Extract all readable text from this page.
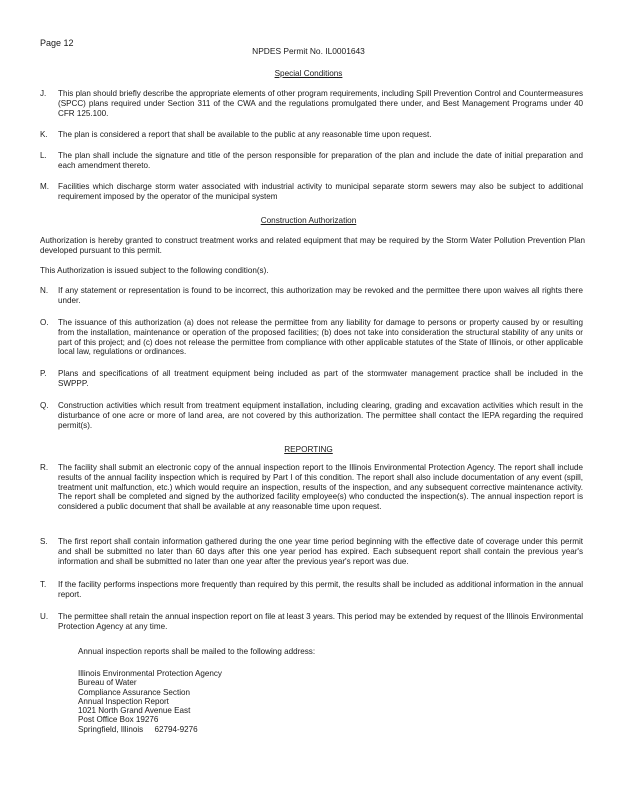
Page 12
NPDES Permit No. IL0001643
Special Conditions
J.	This plan should briefly describe the appropriate elements of other program requirements, including Spill Prevention Control and Countermeasures (SPCC) plans required under Section 311 of the CWA and the regulations promulgated there under, and Best Management Programs under 40 CFR 125.100.
K.	The plan is considered a report that shall be available to the public at any reasonable time upon request.
L.	The plan shall include the signature and title of the person responsible for preparation of the plan and include the date of initial preparation and each amendment thereto.
M.	Facilities which discharge storm water associated with industrial activity to municipal separate storm sewers may also be subject to additional requirement imposed by the operator of the municipal system
Construction Authorization
Authorization is hereby granted to construct treatment works and related equipment that may be required by the Storm Water Pollution Prevention Plan developed pursuant to this permit.
This Authorization is issued subject to the following condition(s).
N.	If any statement or representation is found to be incorrect, this authorization may be revoked and the permittee there upon waives all rights there under.
O.	The issuance of this authorization (a) does not release the permittee from any liability for damage to persons or property caused by or resulting from the installation, maintenance or operation of the proposed facilities; (b) does not take into consideration the structural stability of any units or part of this project; and (c) does not release the permittee from compliance with other applicable statutes of the State of Illinois, or other applicable local law, regulations or ordinances.
P.	Plans and specifications of all treatment equipment being included as part of the stormwater management practice shall be included in the SWPPP.
Q.	Construction activities which result from treatment equipment installation, including clearing, grading and excavation activities which result in the disturbance of one acre or more of land area, are not covered by this authorization. The permittee shall contact the IEPA regarding the required permit(s).
REPORTING
R.	The facility shall submit an electronic copy of the annual inspection report to the Illinois Environmental Protection Agency. The report shall include results of the annual facility inspection which is required by Part I of this condition. The report shall also include documentation of any event (spill, treatment unit malfunction, etc.) which would require an inspection, results of the inspection, and any subsequent corrective maintenance activity. The report shall be completed and signed by the authorized facility employee(s) who conducted the inspection(s). The annual inspection report is considered a public document that shall be available at any reasonable time upon request.
S.	The first report shall contain information gathered during the one year time period beginning with the effective date of coverage under this permit and shall be submitted no later than 60 days after this one year period has expired. Each subsequent report shall contain the previous year's information and shall be submitted no later than one year after the previous year's report was due.
T.	If the facility performs inspections more frequently than required by this permit, the results shall be included as additional information in the annual report.
U.	The permittee shall retain the annual inspection report on file at least 3 years. This period may be extended by request of the Illinois Environmental Protection Agency at any time.
Annual inspection reports shall be mailed to the following address:
Illinois Environmental Protection Agency
Bureau of Water
Compliance Assurance Section
Annual Inspection Report
1021 North Grand Avenue East
Post Office Box 19276
Springfield, Illinois     62794-9276
